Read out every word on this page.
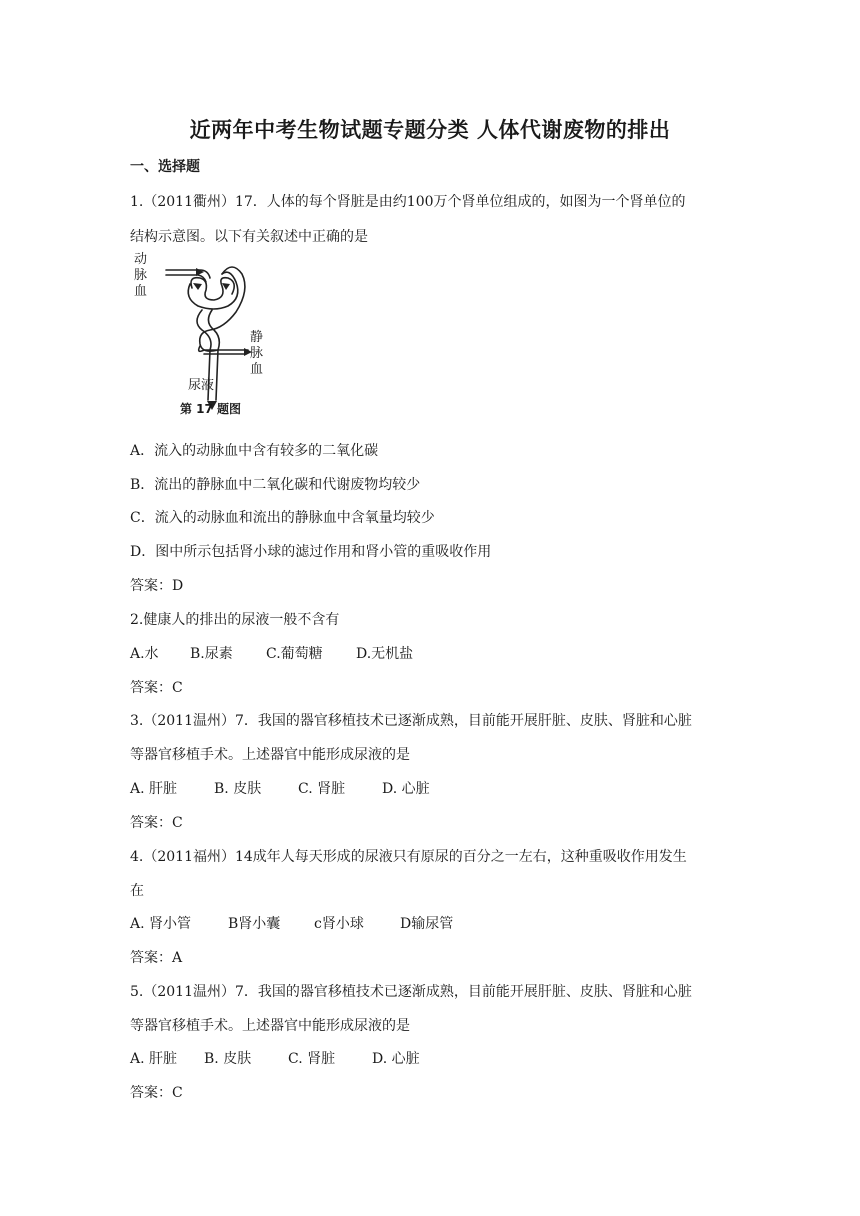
近两年中考生物试题专题分类 人体代谢废物的排出
一、选择题
1.（2011衢州）17．人体的每个肾脏是由约100万个肾单位组成的，如图为一个肾单位的
结构示意图。以下有关叙述中正确的是
动脉血
静脉血
尿液
第 17 题图
A．流入的动脉血中含有较多的二氧化碳
B．流出的静脉血中二氧化碳和代谢废物均较少
C．流入的动脉血和流出的静脉血中含氧量均较少
D．图中所示包括肾小球的滤过作用和肾小管的重吸收作用
答案：D
2.健康人的排出的尿液一般不含有
A.水 B.尿素 C.葡萄糖 D.无机盐
答案：C
3.（2011温州）7．我国的器官移植技术已逐渐成熟，目前能开展肝脏、皮肤、肾脏和心脏
等器官移植手术。上述器官中能形成尿液的是
A. 肝脏	B. 皮肤	C. 肾脏	D. 心脏
答案：C
4.（2011福州）14成年人每天形成的尿液只有原尿的百分之一左右，这种重吸收作用发生
在
A. 肾小管	B肾小囊 c肾小球	D输尿管
答案：A
5.（2011温州）7．我国的器官移植技术已逐渐成熟，目前能开展肝脏、皮肤、肾脏和心脏
等器官移植手术。上述器官中能形成尿液的是
A. 肝脏 B. 皮肤	C. 肾脏	D. 心脏
答案：C
